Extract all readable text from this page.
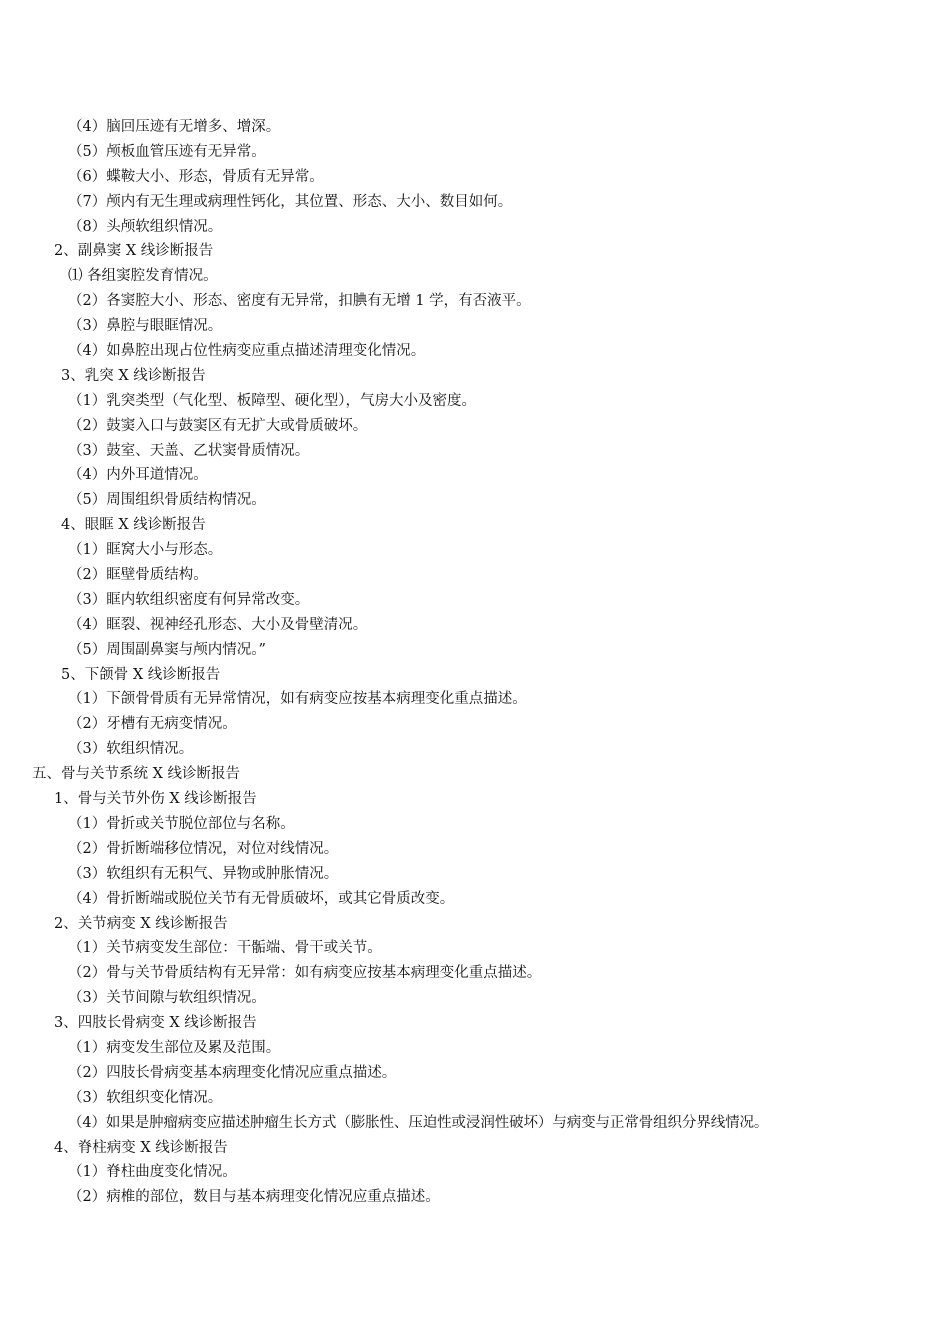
（4）脑回压迹有无增多、增深。
（5）颅板血管压迹有无异常。
（6）蝶鞍大小、形态，骨质有无异常。
（7）颅内有无生理或病理性钙化，其位置、形态、大小、数目如何。
（8）头颅软组织情况。
2、副鼻窦 X 线诊断报告
⑴ 各组窦腔发育情况。
（2）各窦腔大小、形态、密度有无异常，扣腆有无增 1 学，有否液平。
（3）鼻腔与眼眶情况。
（4）如鼻腔出现占位性病变应重点描述清理变化情况。
3、乳突 X 线诊断报告
（1）乳突类型（气化型、板障型、硬化型），气房大小及密度。
（2）鼓窦入口与鼓窦区有无扩大或骨质破坏。
（3）鼓室、天盖、乙状窦骨质情况。
（4）内外耳道情况。
（5）周围组织骨质结构情况。
4、眼眶 X 线诊断报告
（1）眶窝大小与形态。
（2）眶壁骨质结构。
（3）眶内软组织密度有何异常改变。
（4）眶裂、视神经孔形态、大小及骨壁清况。
（5）周围副鼻窦与颅内情况。”
5、下颌骨 X 线诊断报告
（1）下颌骨骨质有无异常情况，如有病变应按基本病理变化重点描述。
（2）牙槽有无病变情况。
（3）软组织情况。
五、骨与关节系统 X 线诊断报告
1、骨与关节外伤 X 线诊断报告
（1）骨折或关节脱位部位与名称。
（2）骨折断端移位情况，对位对线情况。
（3）软组织有无积气、异物或肿胀情况。
（4）骨折断端或脱位关节有无骨质破坏，或其它骨质改变。
2、关节病变 X 线诊断报告
（1）关节病变发生部位：干骺端、骨干或关节。
（2）骨与关节骨质结构有无异常：如有病变应按基本病理变化重点描述。
（3）关节间隙与软组织情况。
3、四肢长骨病变 X 线诊断报告
（1）病变发生部位及累及范围。
（2）四肢长骨病变基本病理变化情况应重点描述。
（3）软组织变化情况。
（4）如果是肿瘤病变应描述肿瘤生长方式（膨胀性、压迫性或浸润性破坏）与病变与正常骨组织分界线情况。
4、脊柱病变 X 线诊断报告
（1）脊柱曲度变化情况。
（2）病椎的部位，数目与基本病理变化情况应重点描述。
